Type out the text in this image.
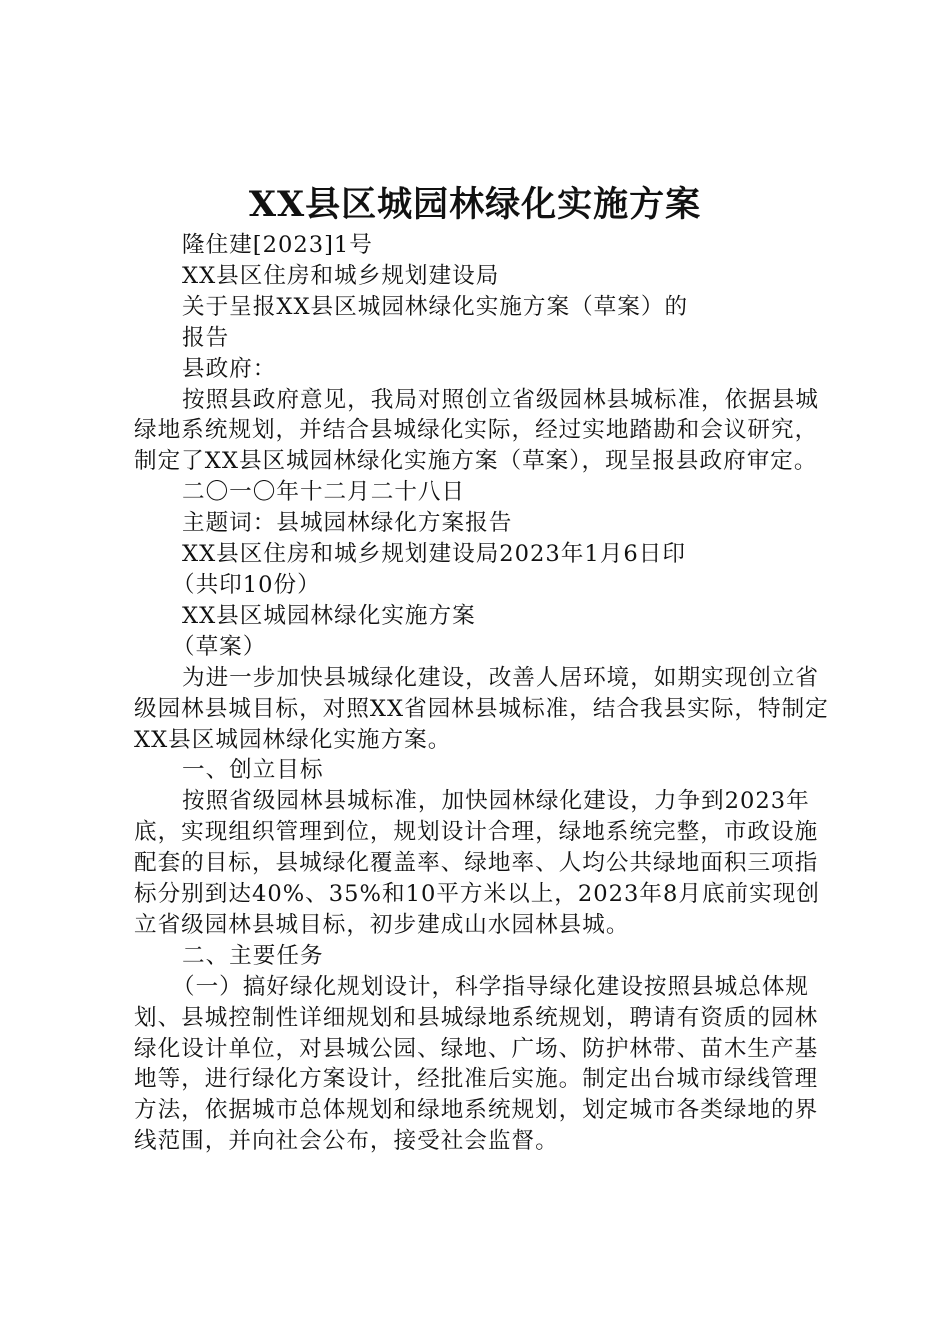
XX县区城园林绿化实施方案

隆住建[2023]1号

XX县区住房和城乡规划建设局

关于呈报XX县区城园林绿化实施方案（草案）的

报告

县政府：

按照县政府意见，我局对照创立省级园林县城标准，依据县城绿地系统规划，并结合县城绿化实际，经过实地踏勘和会议研究，制定了XX县区城园林绿化实施方案（草案），现呈报县政府审定。

二〇一〇年十二月二十八日

主题词：县城园林绿化方案报告

XX县区住房和城乡规划建设局2023年1月6日印

（共印10份）

XX县区城园林绿化实施方案

（草案）

为进一步加快县城绿化建设，改善人居环境，如期实现创立省级园林县城目标，对照XX省园林县城标准，结合我县实际，特制定XX县区城园林绿化实施方案。

一、创立目标

按照省级园林县城标准，加快园林绿化建设，力争到2023年底，实现组织管理到位，规划设计合理，绿地系统完整，市政设施配套的目标，县城绿化覆盖率、绿地率、人均公共绿地面积三项指标分别到达40%、35%和10平方米以上，2023年8月底前实现创立省级园林县城目标，初步建成山水园林县城。

二、主要任务

（一）搞好绿化规划设计，科学指导绿化建设按照县城总体规划、县城控制性详细规划和县城绿地系统规划，聘请有资质的园林绿化设计单位，对县城公园、绿地、广场、防护林带、苗木生产基地等，进行绿化方案设计，经批准后实施。制定出台城市绿线管理方法，依据城市总体规划和绿地系统规划，划定城市各类绿地的界线范围，并向社会公布，接受社会监督。
